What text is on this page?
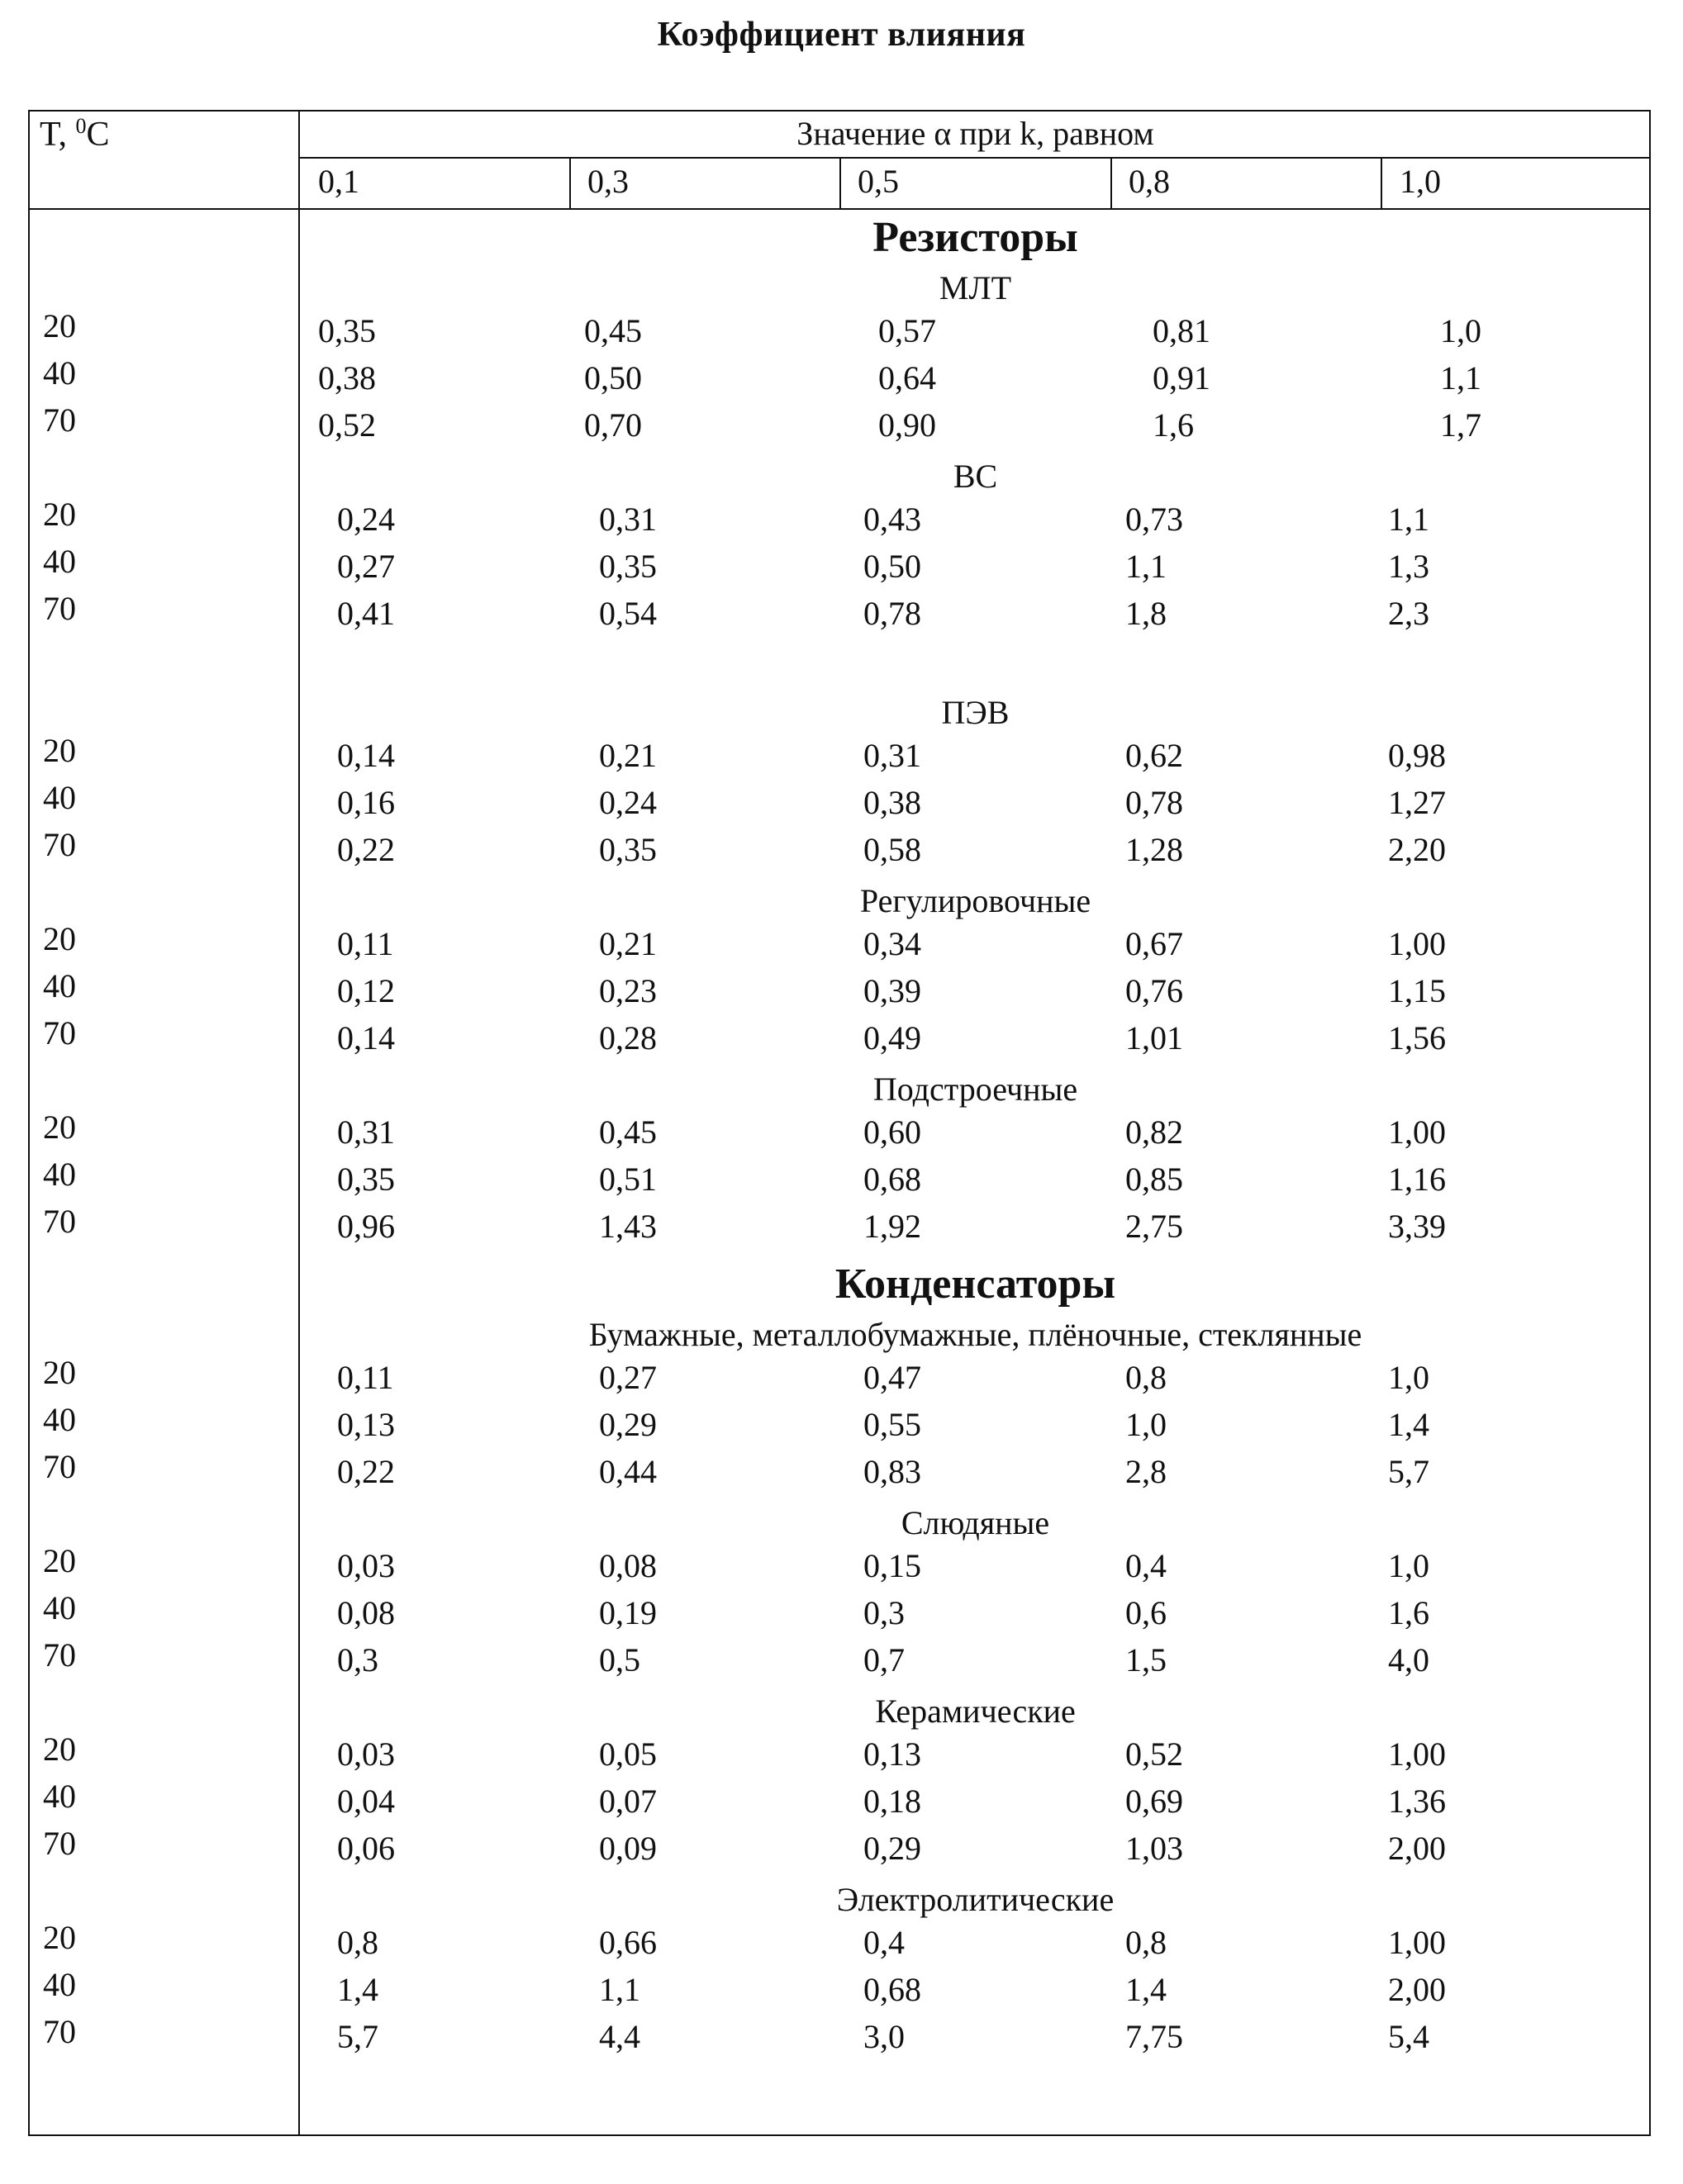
Коэффициент влияния
T, $^0$C	Значение α при k, равном
0,1	0,3	0,5	0,8	1,0
Резисторы
МЛТ
20	0,35	0,45	0,57	0,81	1,0
40	0,38	0,50	0,64	0,91	1,1
70	0,52	0,70	0,90	1,6	1,7
ВС
20	0,24	0,31	0,43	0,73	1,1
40	0,27	0,35	0,50	1,1	1,3
70	0,41	0,54	0,78	1,8	2,3
ПЭВ
20	0,14	0,21	0,31	0,62	0,98
40	0,16	0,24	0,38	0,78	1,27
70	0,22	0,35	0,58	1,28	2,20
Регулировочные
20	0,11	0,21	0,34	0,67	1,00
40	0,12	0,23	0,39	0,76	1,15
70	0,14	0,28	0,49	1,01	1,56
Подстроечные
20	0,31	0,45	0,60	0,82	1,00
40	0,35	0,51	0,68	0,85	1,16
70	0,96	1,43	1,92	2,75	3,39
Конденсаторы
Бумажные, металлобумажные, плёночные, стеклянные
20	0,11	0,27	0,47	0,8	1,0
40	0,13	0,29	0,55	1,0	1,4
70	0,22	0,44	0,83	2,8	5,7
Слюдяные
20	0,03	0,08	0,15	0,4	1,0
40	0,08	0,19	0,3	0,6	1,6
70	0,3	0,5	0,7	1,5	4,0
Керамические
20	0,03	0,05	0,13	0,52	1,00
40	0,04	0,07	0,18	0,69	1,36
70	0,06	0,09	0,29	1,03	2,00
Электролитические
20	0,8	0,66	0,4	0,8	1,00
40	1,4	1,1	0,68	1,4	2,00
70	5,7	4,4	3,0	7,75	5,4
